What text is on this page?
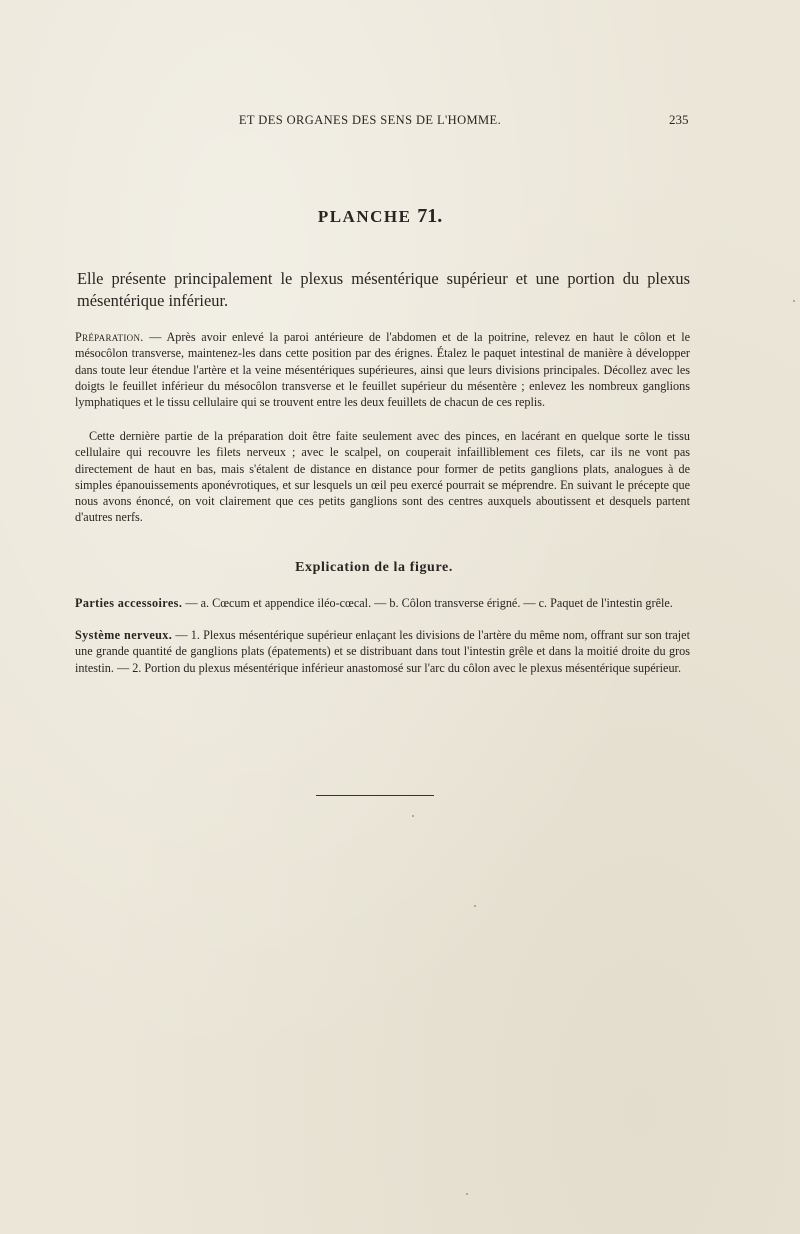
ET DES ORGANES DES SENS DE L'HOMME.	235
PLANCHE 71.
Elle présente principalement le plexus mésentérique supérieur et une portion du plexus mésentérique inférieur.

Préparation. — Après avoir enlevé la paroi antérieure de l'abdomen et de la poitrine, relevez en haut le côlon et le mésocôlon transverse, maintenez-les dans cette position par des érignes. Étalez le paquet intestinal de manière à développer dans toute leur étendue l'artère et la veine mésentériques supérieures, ainsi que leurs divisions principales. Décollez avec les doigts le feuillet inférieur du mésocôlon transverse et le feuillet supérieur du mésentère ; enlevez les nombreux ganglions lymphatiques et le tissu cellulaire qui se trouvent entre les deux feuillets de chacun de ces replis.

Cette dernière partie de la préparation doit être faite seulement avec des pinces, en lacérant en quelque sorte le tissu cellulaire qui recouvre les filets nerveux ; avec le scalpel, on couperait infailliblement ces filets, car ils ne vont pas directement de haut en bas, mais s'étalent de distance en distance pour former de petits ganglions plats, analogues à de simples épanouissements aponévrotiques, et sur lesquels un œil peu exercé pourrait se méprendre. En suivant le précepte que nous avons énoncé, on voit clairement que ces petits ganglions sont des centres auxquels aboutissent et desquels partent d'autres nerfs.

Explication de la figure.

Parties accessoires. — a. Cœcum et appendice iléo-cœcal. — b. Côlon transverse érigné. — c. Paquet de l'intestin grêle.

Système nerveux. — 1. Plexus mésentérique supérieur enlaçant les divisions de l'artère du même nom, offrant sur son trajet une grande quantité de ganglions plats (épatements) et se distribuant dans tout l'intestin grêle et dans la moitié droite du gros intestin. — 2. Portion du plexus mésentérique inférieur anastomosé sur l'arc du côlon avec le plexus mésentérique supérieur.
